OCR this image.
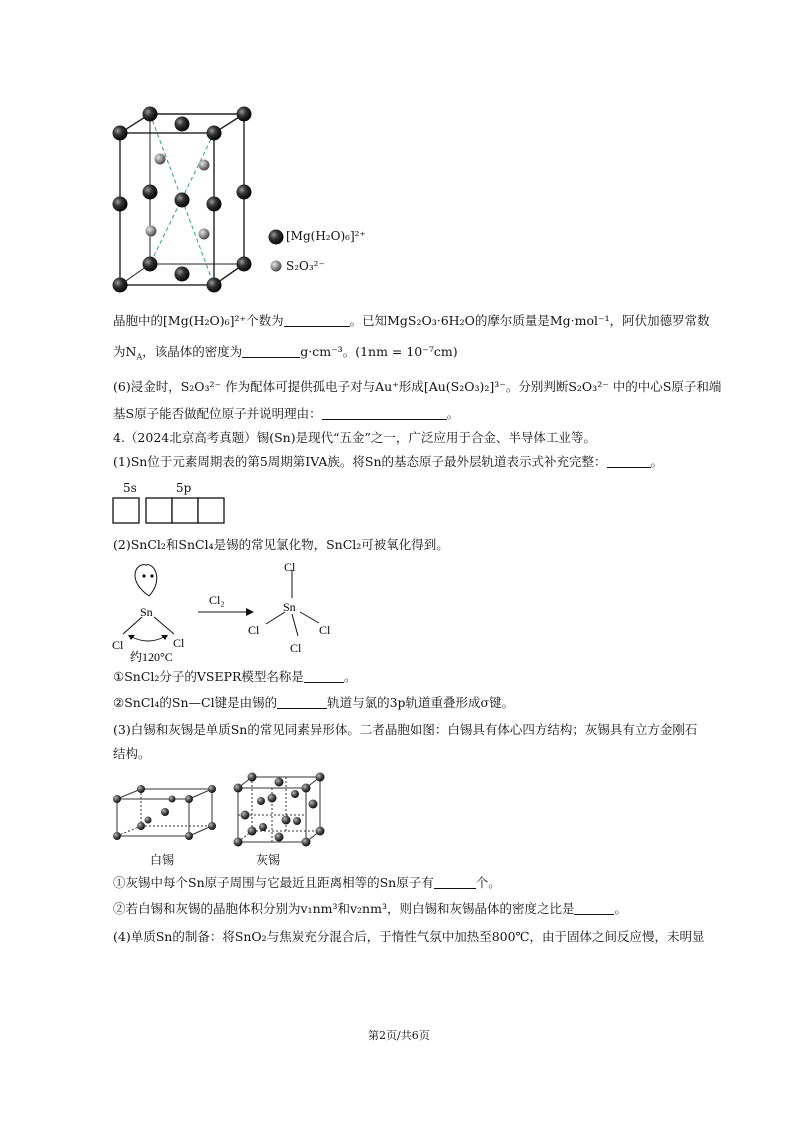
[Mg(H₂O)₆]²⁺
S₂O₃²⁻
晶胞中的[Mg(H₂O)₆]²⁺个数为	。已知MgS₂O₃·6H₂O的摩尔质量是Mg·mol⁻¹，阿伏加德罗常数
为$N_A$，该晶体的密度为	g·cm⁻³。(1nm = 10⁻⁷cm)
(6)浸金时，S₂O₃²⁻ 作为配体可提供孤电子对与Au⁺形成[Au(S₂O₃)₂]³⁻。分别判断S₂O₃²⁻ 中的中心S原子和端
基S原子能否做配位原子并说明理由：	。
4.（2024北京高考真题）锡(Sn)是现代“五金”之一，广泛应用于合金、半导体工业等。
(1)Sn位于元素周期表的第5周期第IVA族。将Sn的基态原子最外层轨道表示式补充完整：	。
5s	5p
(2)SnCl₂和SnCl₄是锡的常见氯化物，SnCl₂可被氧化得到。
Sn
Cl	Cl
约120°C
Cl₂
Cl
Sn
Cl	Cl
Cl
①SnCl₂分子的VSEPR模型名称是	。
②SnCl₄的Sn—Cl键是由锡的	轨道与氯的3p轨道重叠形成σ键。
(3)白锡和灰锡是单质Sn的常见同素异形体。二者晶胞如图：白锡具有体心四方结构；灰锡具有立方金刚石
结构。
白锡	灰锡
①灰锡中每个Sn原子周围与它最近且距离相等的Sn原子有	个。
②若白锡和灰锡的晶胞体积分别为v₁nm³和v₂nm³，则白锡和灰锡晶体的密度之比是	。
(4)单质Sn的制备：将SnO₂与焦炭充分混合后，于惰性气氛中加热至800℃，由于固体之间反应慢，未明显
第2页/共6页
